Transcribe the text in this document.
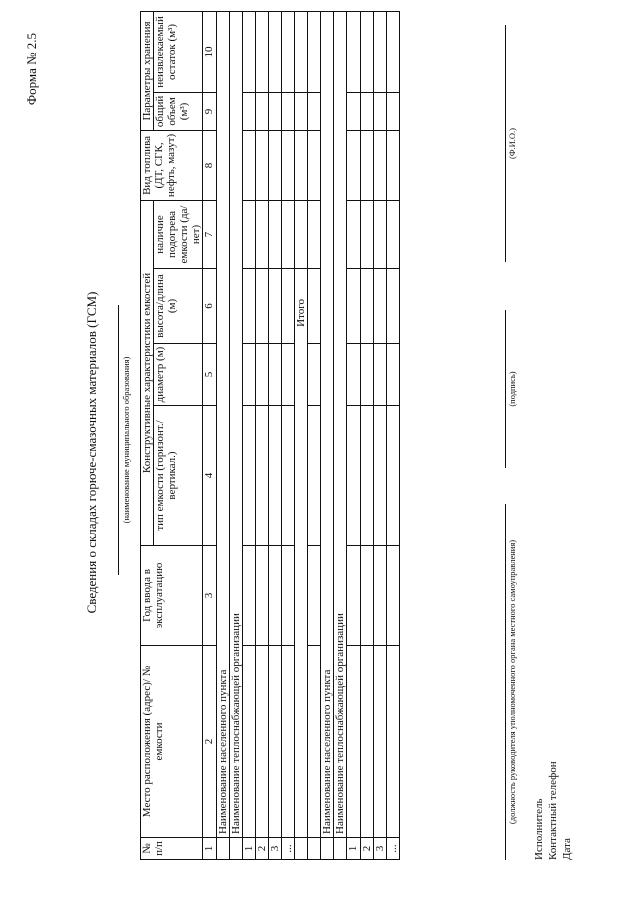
Форма № 2.5
Сведения о складах горюче-смазочных материалов (ГСМ)	(наименование муниципального образования)
№ п/п	Место расположения (адрес)/ № емкости	Год ввода в эксплуатацию	Конструктивные характеристики емкостей				Вид топлива (ДТ, СГК, нефть, мазут)	Параметры хранения	
			тип емкости (горизонт./вертикал.)	диаметр (м)	высота/длина (м)	наличие подогрева емкости (да/нет)		общий объем (м³)	неизвлекаемый остаток (м³)
1	2	3	4	5	6	7	8	9	10
	Наименование населенного пункта								
	Наименование теплоснабжающей организации								
1									
2									
3									
...									
	Итого								

	Наименование населенного пункта								
	Наименование теплоснабжающей организации								
1									
2									
3									
...									
(должность руководителя уполномоченного органа местного самоуправления)
(подпись)
(Ф.И.О.)
Исполнитель Контактный телефон Дата
